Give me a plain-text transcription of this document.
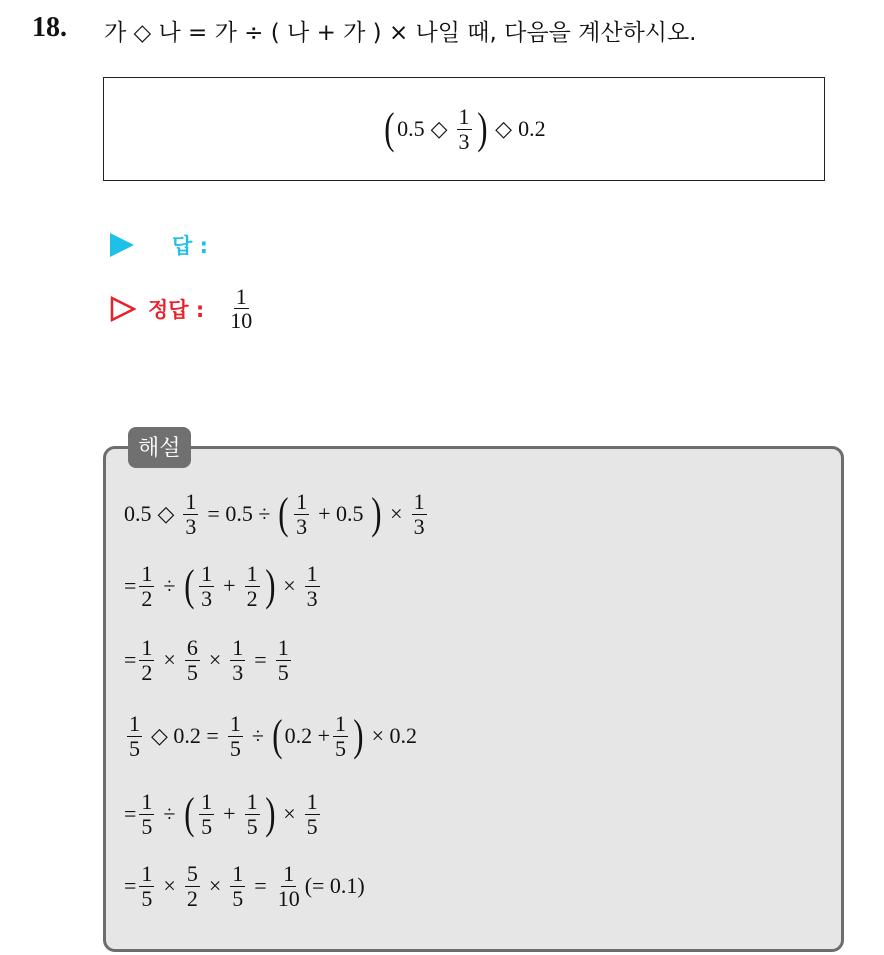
18. 가 ◇ 나 = 가 ÷ ( 나 + 가 ) × 나일 때, 다음을 계산하시오.
( 0.5 ◇ $\frac{1}{3}$ ) ◇ 0.2
답 :
정답 : $\frac{1}{10}$
해설
0.5 ◇ $\frac{1}{3} = 0.5$ ÷ ( $\frac{1}{3} + 0.5$ ) × $\frac{1}{3}$
= $\frac{1}{2}$ ÷ ( $\frac{1}{3} + \frac{1}{2}$ ) × $\frac{1}{3}$
= $\frac{1}{2} \times \frac{6}{5} \times \frac{1}{3} = \frac{1}{5}$
$\frac{1}{5}$ ◇ $0.2 = \frac{1}{5}$ ÷ ( $0.2 + \frac{1}{5}$ ) × 0.2
= $\frac{1}{5}$ ÷ ( $\frac{1}{5} + \frac{1}{5}$ ) × $\frac{1}{5}$
= $\frac{1}{5} \times \frac{5}{2} \times \frac{1}{5} = \frac{1}{10}$ (= 0.1)
